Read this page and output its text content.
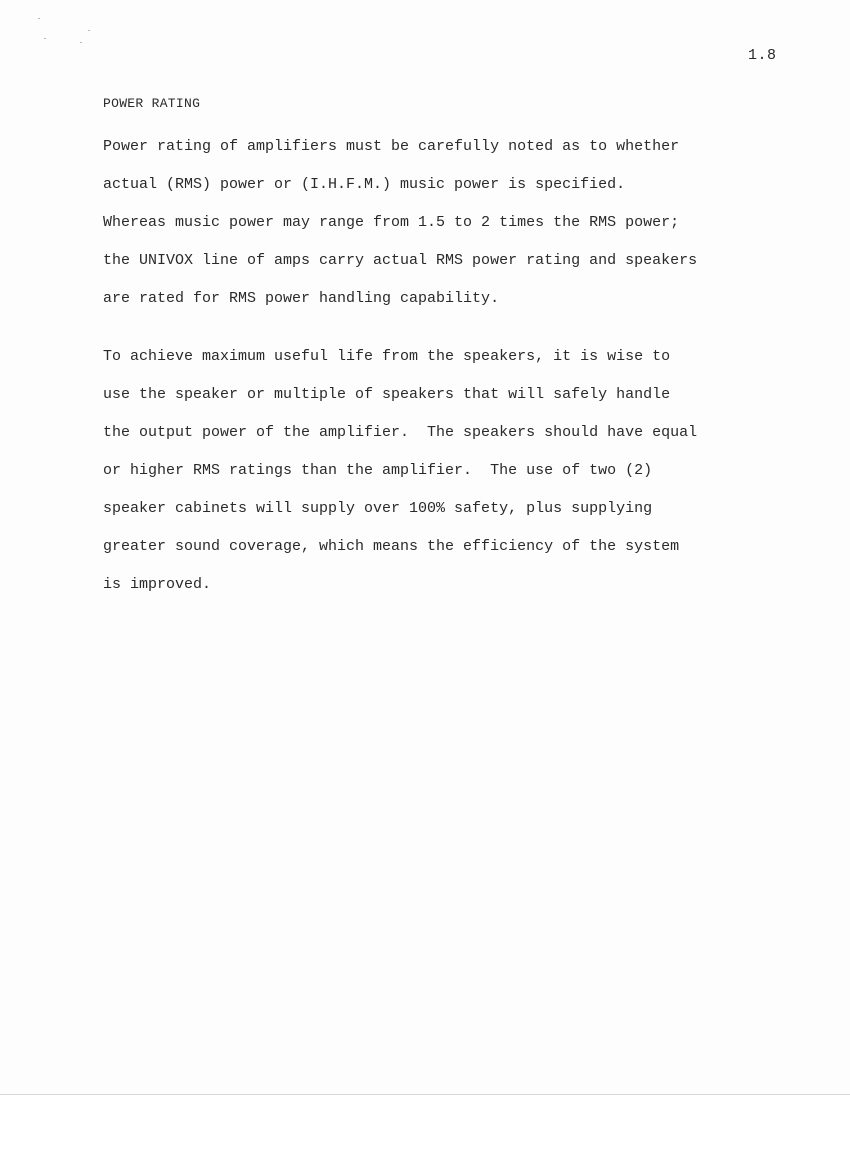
1.8
POWER RATING

Power rating of amplifiers must be carefully noted as to whether
actual (RMS) power or (I.H.F.M.) music power is specified.
Whereas music power may range from 1.5 to 2 times the RMS power;
the UNIVOX line of amps carry actual RMS power rating and speakers
are rated for RMS power handling capability.

To achieve maximum useful life from the speakers, it is wise to
use the speaker or multiple of speakers that will safely handle
the output power of the amplifier.  The speakers should have equal
or higher RMS ratings than the amplifier.  The use of two (2)
speaker cabinets will supply over 100% safety, plus supplying
greater sound coverage, which means the efficiency of the system
is improved.
